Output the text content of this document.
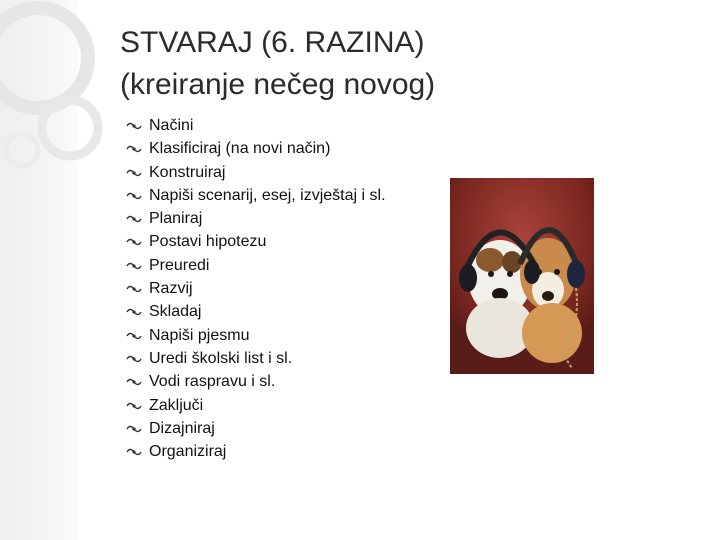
STVARAJ (6. RAZINA)
(kreiranje nečeg novog)
Načini
Klasificiraj (na novi način)
Konstruiraj
Napiši scenarij, esej, izvještaj i sl.
Planiraj
Postavi hipotezu
Preuredi
Razvij
Skladaj
Napiši pjesmu
Uredi školski list i sl.
Vodi raspravu i sl.
Zaključi
Dizajniraj
Organiziraj
